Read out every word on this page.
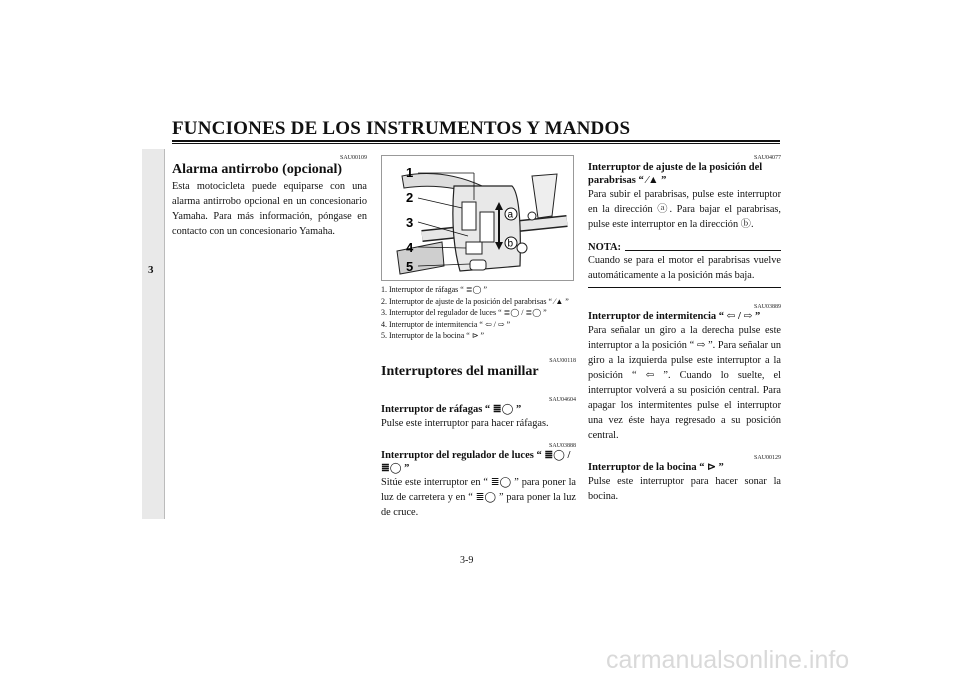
FUNCIONES DE LOS INSTRUMENTOS Y MANDOS
3
SAU00109
Alarma antirrobo (opcional)
Esta motocicleta puede equiparse con una alarma antirrobo opcional en un concesionario Yamaha. Para más información, póngase en contacto con un concesionario Yamaha.
a
b
1
2
3
4
5
1. Interruptor de ráfagas “ ≣◯ ”
2. Interruptor de ajuste de la posición del parabrisas “ ⁄▲ ”
3. Interruptor del regulador de luces “ ≣◯ / ≣◯ ”
4. Interruptor de intermitencia “ ⇦ / ⇨ ”
5. Interruptor de la bocina “ ⊳ ”
SAU00118
Interruptores del manillar
SAU04604
Interruptor de ráfagas “ ≣◯ ”
Pulse este interruptor para hacer ráfagas.
SAU03888
Interruptor del regulador de luces “ ≣◯ / ≣◯ ”
Sitúe este interruptor en “ ≣◯ ” para poner la luz de carretera y en “ ≣◯ ” para poner la luz de cruce.
SAU04077
Interruptor de ajuste de la posición del parabrisas “ ⁄▲ ”
Para subir el parabrisas, pulse este interruptor en la dirección ⓐ. Para bajar el parabrisas, pulse este interruptor en la dirección ⓑ.
NOTA:
Cuando se para el motor el parabrisas vuelve automáticamente a la posición más baja.
SAU03889
Interruptor de intermitencia “ ⇦ / ⇨ ”
Para señalar un giro a la derecha pulse este interruptor a la posición “ ⇨ ”. Para señalar un giro a la izquierda pulse este interruptor a la posición “ ⇦ ”. Cuando lo suelte, el interruptor volverá a su posición central. Para apagar los intermitentes pulse el interruptor una vez éste haya regresado a su posición central.
SAU00129
Interruptor de la bocina “ ⊳ ”
Pulse este interruptor para hacer sonar la bocina.
3-9
carmanualsonline.info
